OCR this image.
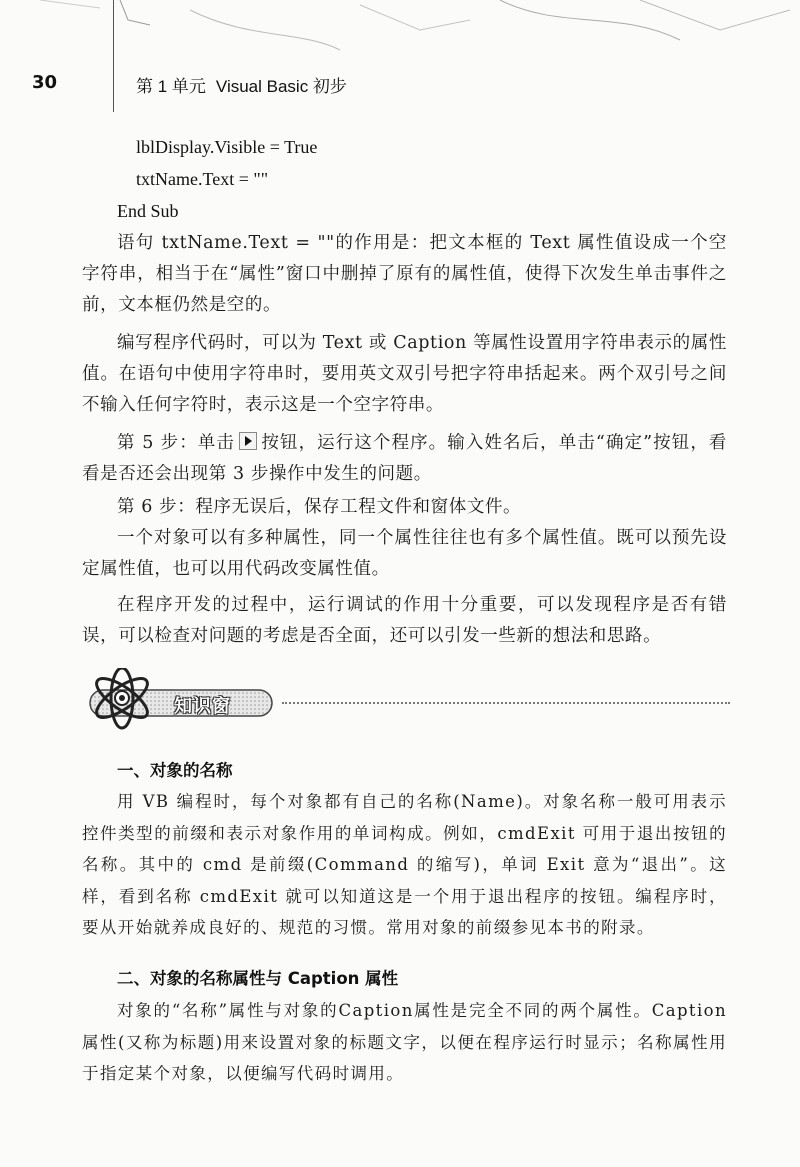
30	第 1 单元 Visual Basic 初步
lblDisplay.Visible = True
txtName.Text = ""
End Sub
语句 txtName.Text = ""的作用是：把文本框的 Text 属性值设成一个空字符串，相当于在“属性”窗口中删掉了原有的属性值，使得下次发生单击事件之前，文本框仍然是空的。
编写程序代码时，可以为 Text 或 Caption 等属性设置用字符串表示的属性值。在语句中使用字符串时，要用英文双引号把字符串括起来。两个双引号之间不输入任何字符时，表示这是一个空字符串。
第 5 步：单击 按钮，运行这个程序。输入姓名后，单击“确定”按钮，看看是否还会出现第 3 步操作中发生的问题。
第 6 步：程序无误后，保存工程文件和窗体文件。
一个对象可以有多种属性，同一个属性往往也有多个属性值。既可以预先设定属性值，也可以用代码改变属性值。
在程序开发的过程中，运行调试的作用十分重要，可以发现程序是否有错误，可以检查对问题的考虑是否全面，还可以引发一些新的想法和思路。
知识窗
一、对象的名称
用 VB 编程时，每个对象都有自己的名称(Name)。对象名称一般可用表示控件类型的前缀和表示对象作用的单词构成。例如，cmdExit 可用于退出按钮的名称。其中的 cmd 是前缀(Command 的缩写)，单词 Exit 意为“退出”。这样，看到名称 cmdExit 就可以知道这是一个用于退出程序的按钮。编程序时，要从开始就养成良好的、规范的习惯。常用对象的前缀参见本书的附录。
二、对象的名称属性与 Caption 属性
对象的“名称”属性与对象的Caption属性是完全不同的两个属性。Caption属性(又称为标题)用来设置对象的标题文字，以便在程序运行时显示；名称属性用于指定某个对象，以便编写代码时调用。
